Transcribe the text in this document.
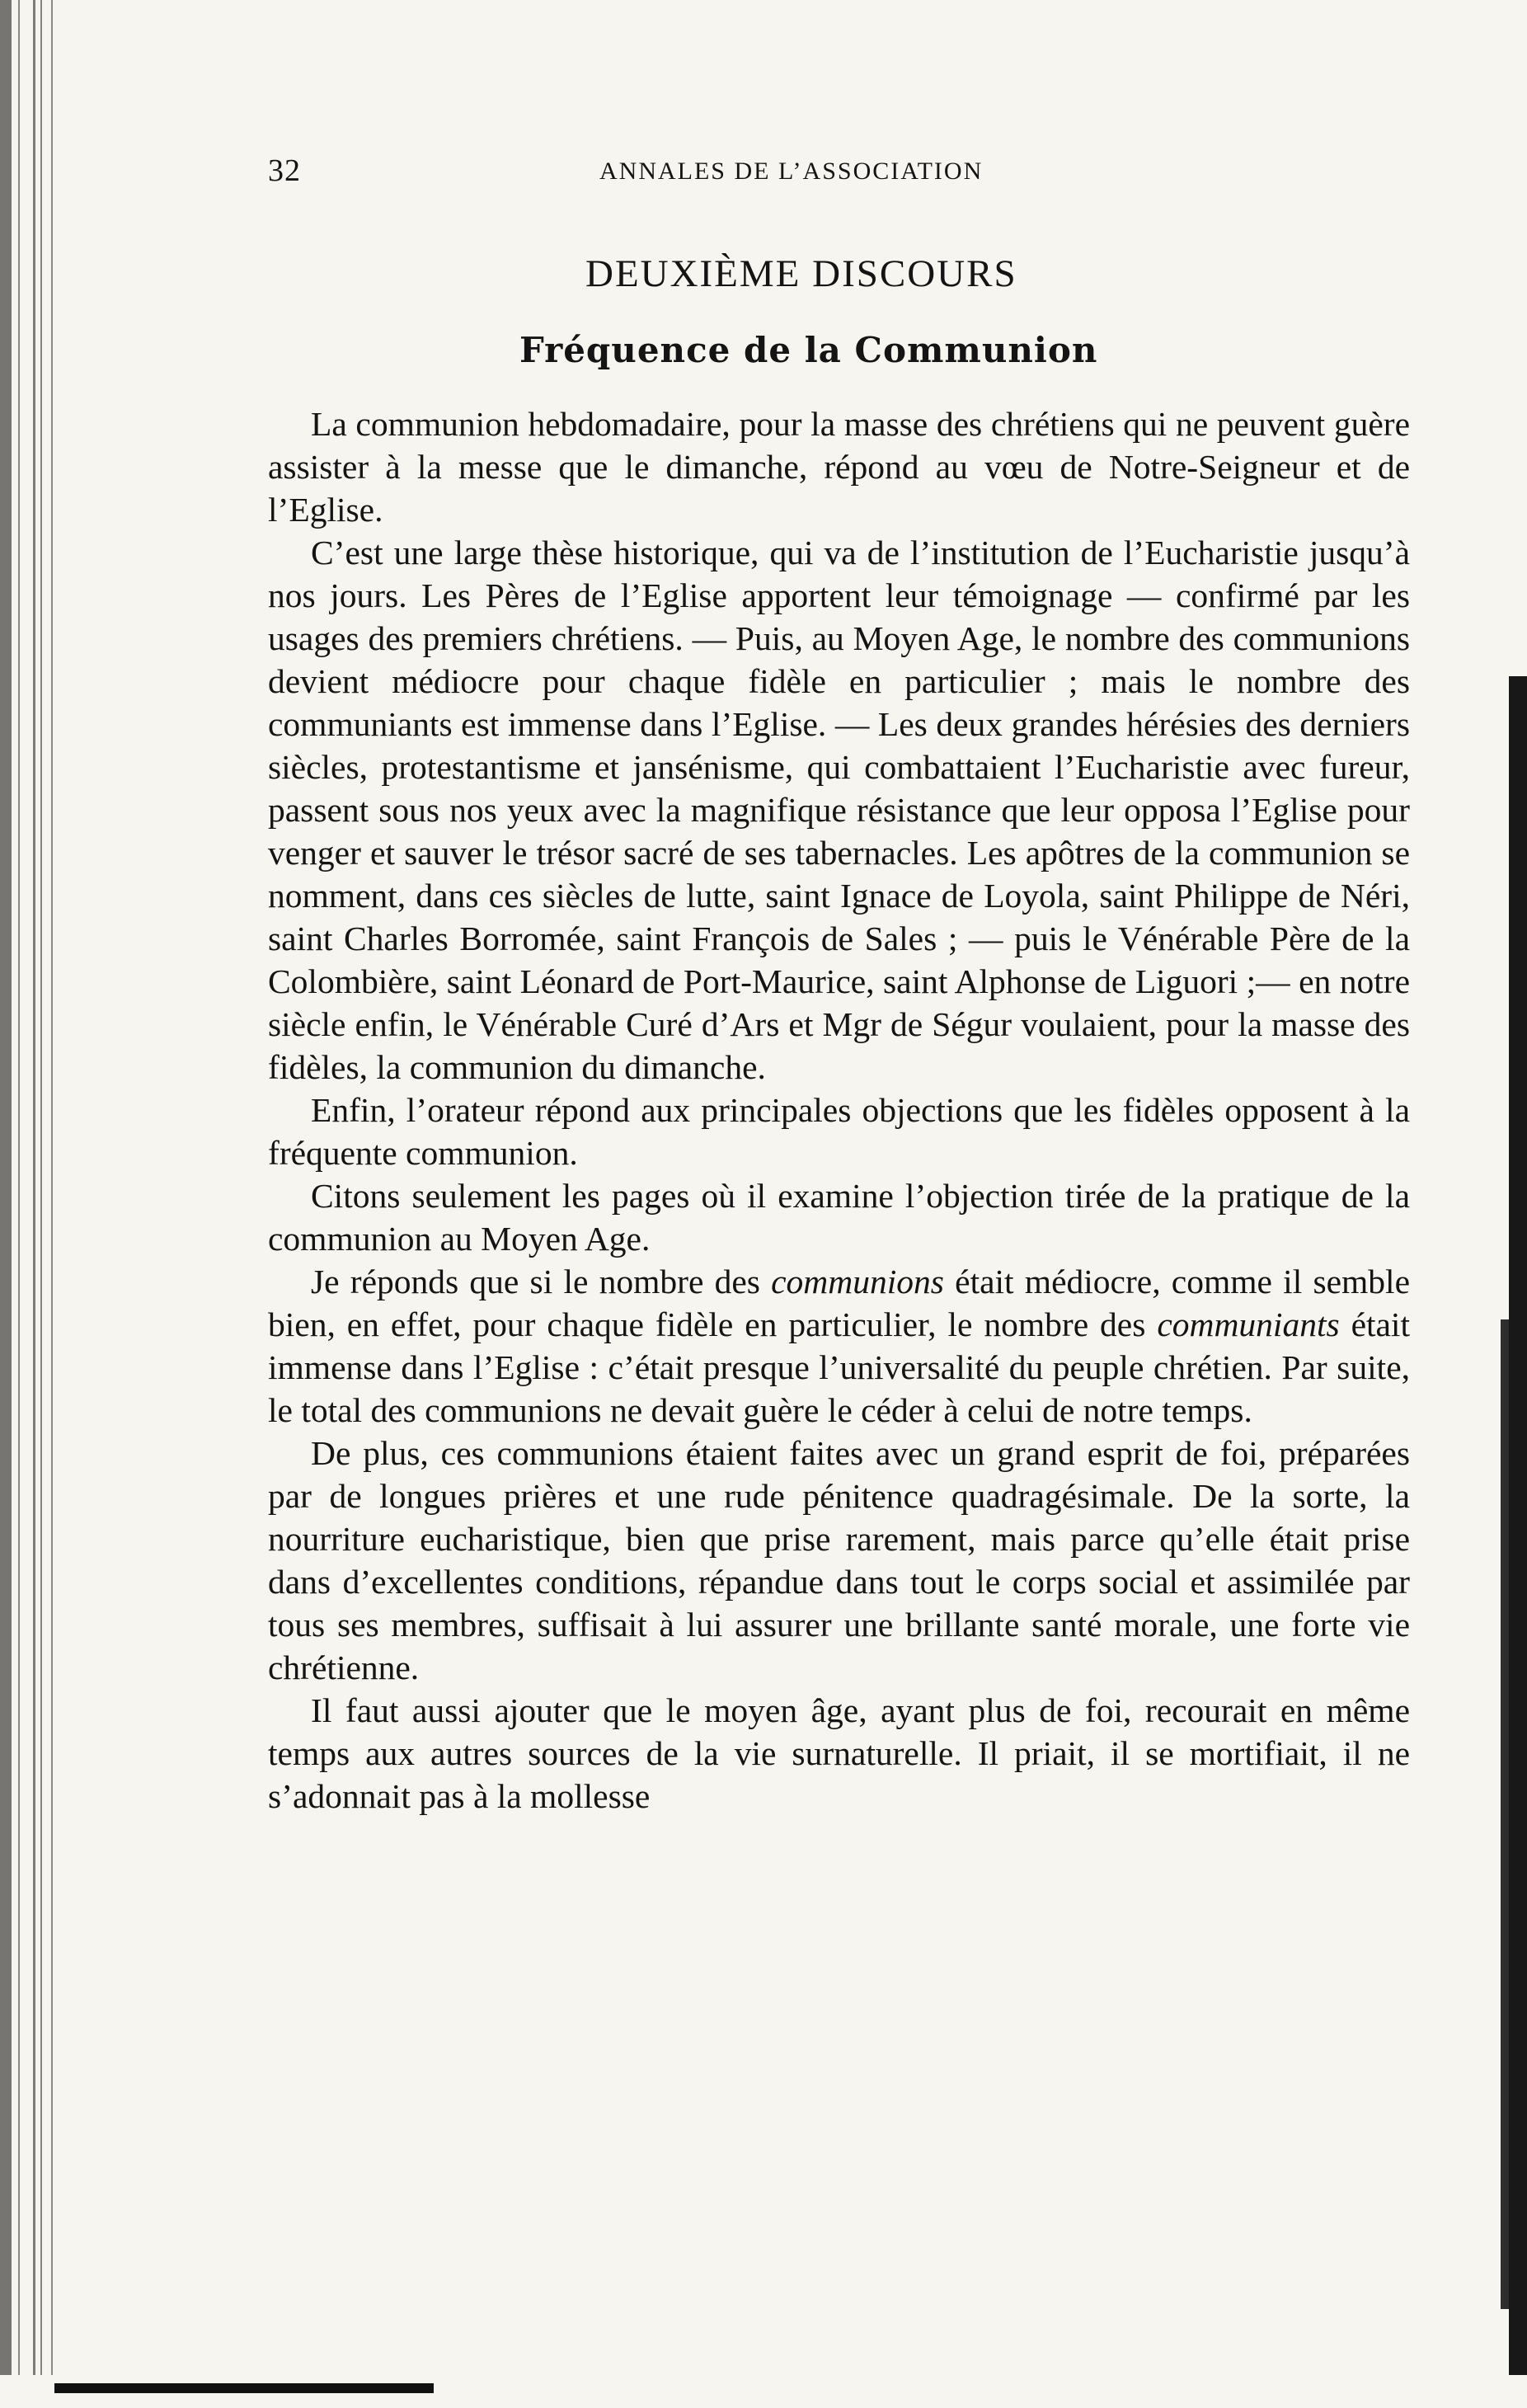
32	ANNALES DE L’ASSOCIATION
DEUXIÈME DISCOURS
Fréquence de la Communion

La communion hebdomadaire, pour la masse des chrétiens qui ne peuvent guère assister à la messe que le dimanche, répond au vœu de Notre-Seigneur et de l’Eglise.

C’est une large thèse historique, qui va de l’institution de l’Eucharistie jusqu’à nos jours. Les Pères de l’Eglise apportent leur témoignage — confirmé par les usages des premiers chrétiens. — Puis, au Moyen Age, le nombre des communions devient médiocre pour chaque fidèle en particulier ; mais le nombre des communiants est immense dans l’Eglise. — Les deux grandes hérésies des derniers siècles, protestantisme et jansénisme, qui combattaient l’Eucharistie avec fureur, passent sous nos yeux avec la magnifique résistance que leur opposa l’Eglise pour venger et sauver le trésor sacré de ses tabernacles. Les apôtres de la communion se nomment, dans ces siècles de lutte, saint Ignace de Loyola, saint Philippe de Néri, saint Charles Borromée, saint François de Sales ; — puis le Vénérable Père de la Colombière, saint Léonard de Port-Maurice, saint Alphonse de Liguori ;— en notre siècle enfin, le Vénérable Curé d’Ars et Mgr de Ségur voulaient, pour la masse des fidèles, la communion du dimanche.

Enfin, l’orateur répond aux principales objections que les fidèles opposent à la fréquente communion.

Citons seulement les pages où il examine l’objection tirée de la pratique de la communion au Moyen Age.

Je réponds que si le nombre des communions était médiocre, comme il semble bien, en effet, pour chaque fidèle en particulier, le nombre des communiants était immense dans l’Eglise : c’était presque l’universalité du peuple chrétien. Par suite, le total des communions ne devait guère le céder à celui de notre temps.

De plus, ces communions étaient faites avec un grand esprit de foi, préparées par de longues prières et une rude pénitence quadragésimale. De la sorte, la nourriture eucharistique, bien que prise rarement, mais parce qu’elle était prise dans d’excellentes conditions, répandue dans tout le corps social et assimilée par tous ses membres, suffisait à lui assurer une brillante santé morale, une forte vie chrétienne.

Il faut aussi ajouter que le moyen âge, ayant plus de foi, recourait en même temps aux autres sources de la vie surnaturelle. Il priait, il se mortifiait, il ne s’adonnait pas à la mollesse
